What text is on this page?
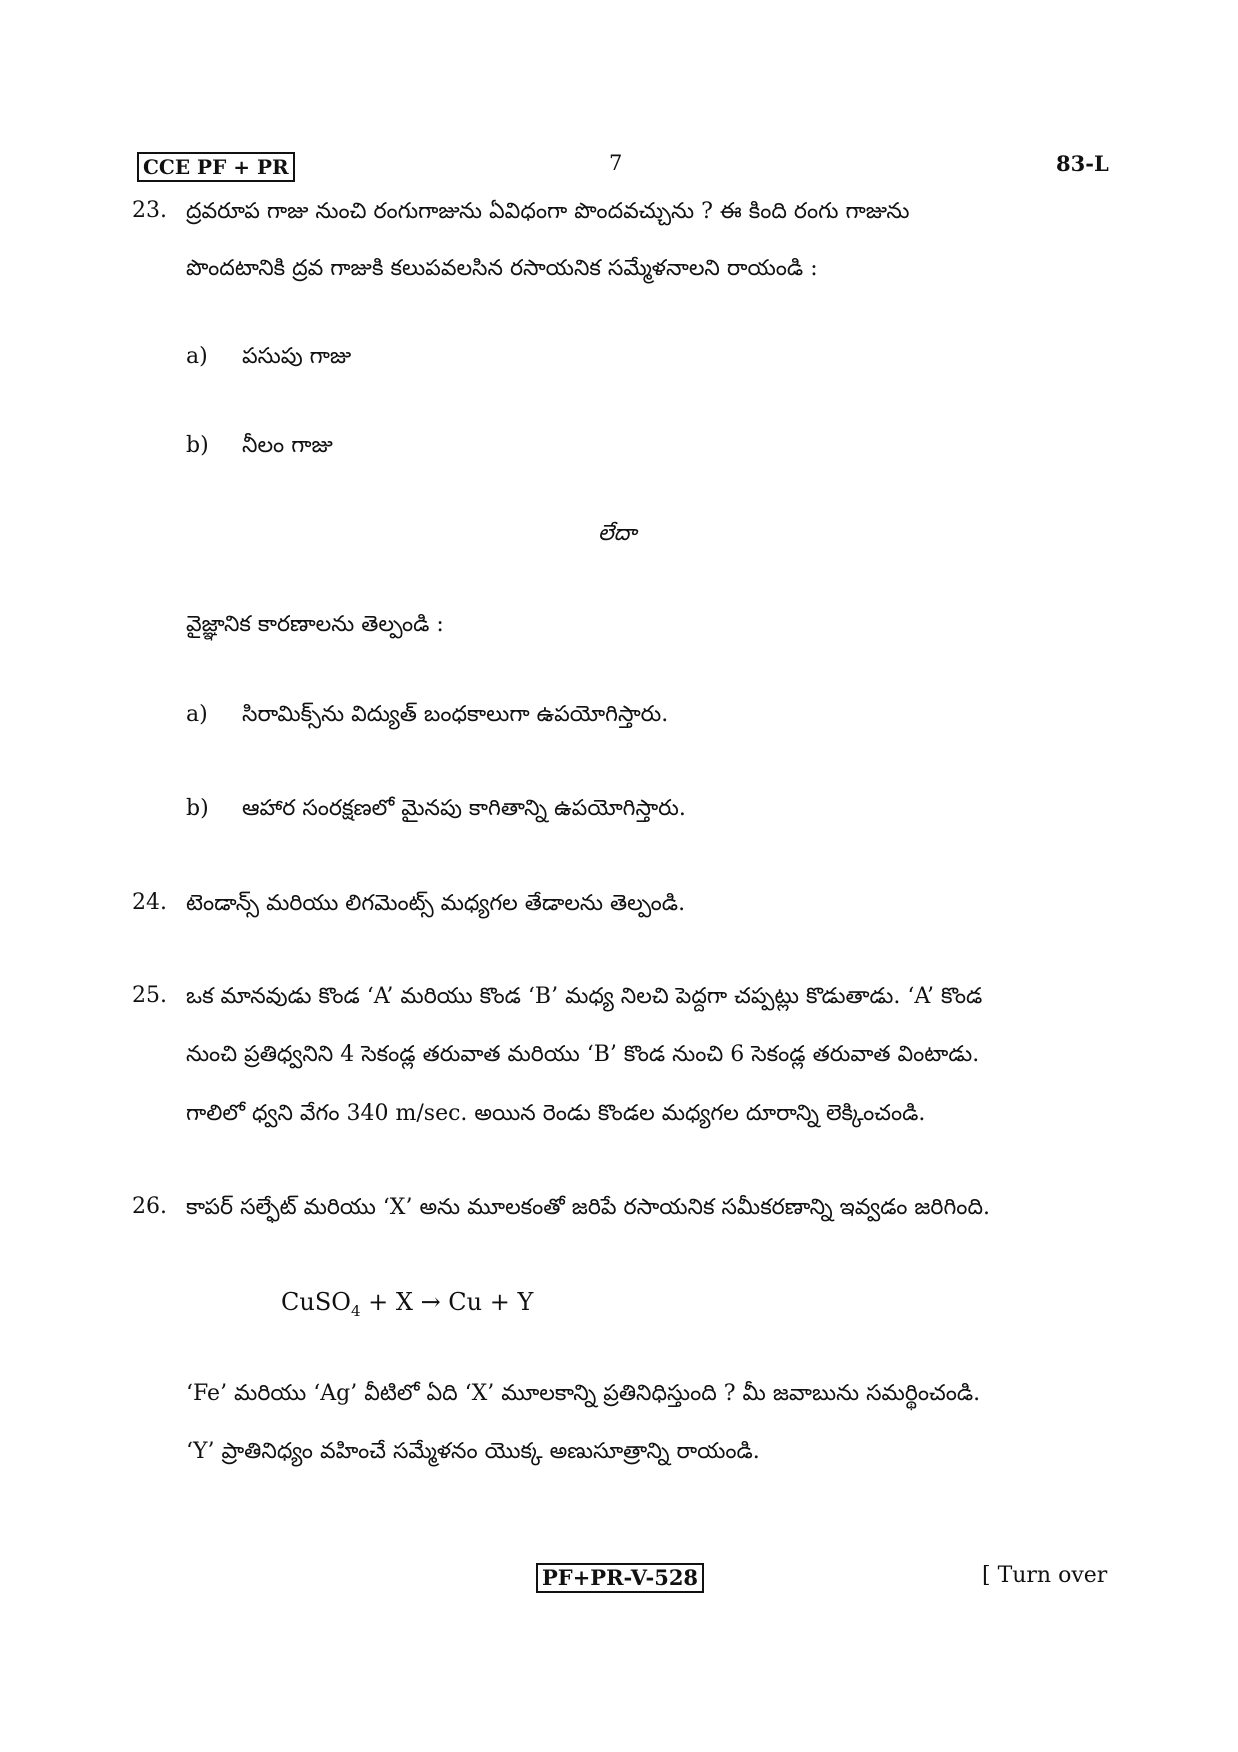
CCE PF + PR	7	83-L
23. ద్రవరూప గాజు నుంచి రంగుగాజును ఏవిధంగా పొందవచ్చును ? ఈ కింది రంగు గాజును
పొందటానికి ద్రవ గాజుకి కలుపవలసిన రసాయనిక సమ్మేళనాలని రాయండి :
a) పసుపు గాజు
b) నీలం గాజు
లేదా
వైజ్ఞానిక కారణాలను తెల్పండి :
a) సిరామిక్స్‌ను విద్యుత్ బంధకాలుగా ఉపయోగిస్తారు.
b) ఆహార సంరక్షణలో మైనపు కాగితాన్ని ఉపయోగిస్తారు.
24. టెండాన్స్ మరియు లిగమెంట్స్ మధ్యగల తేడాలను తెల్పండి.
25. ఒక మానవుడు కొండ ‘A’ మరియు కొండ ‘B’ మధ్య నిలచి పెద్దగా చప్పట్లు కొడుతాడు. ‘A’ కొండ
నుంచి ప్రతిధ్వనిని 4 సెకండ్ల తరువాత మరియు ‘B’ కొండ నుంచి 6 సెకండ్ల తరువాత వింటాడు.
గాలిలో ధ్వని వేగం 340 m/sec. అయిన రెండు కొండల మధ్యగల దూరాన్ని లెక్కించండి.
26. కాపర్ సల్ఫేట్ మరియు ‘X’ అను మూలకంతో జరిపే రసాయనిక సమీకరణాన్ని ఇవ్వడం జరిగింది.
CuSO$_4$ + X → Cu + Y
‘Fe’ మరియు ‘Ag’ వీటిలో ఏది ‘X’ మూలకాన్ని ప్రతినిధిస్తుంది ? మీ జవాబును సమర్థించండి.
‘Y’ ప్రాతినిధ్యం వహించే సమ్మేళనం యొక్క అణుసూత్రాన్ని రాయండి.
PF+PR-V-528	[ Turn over
